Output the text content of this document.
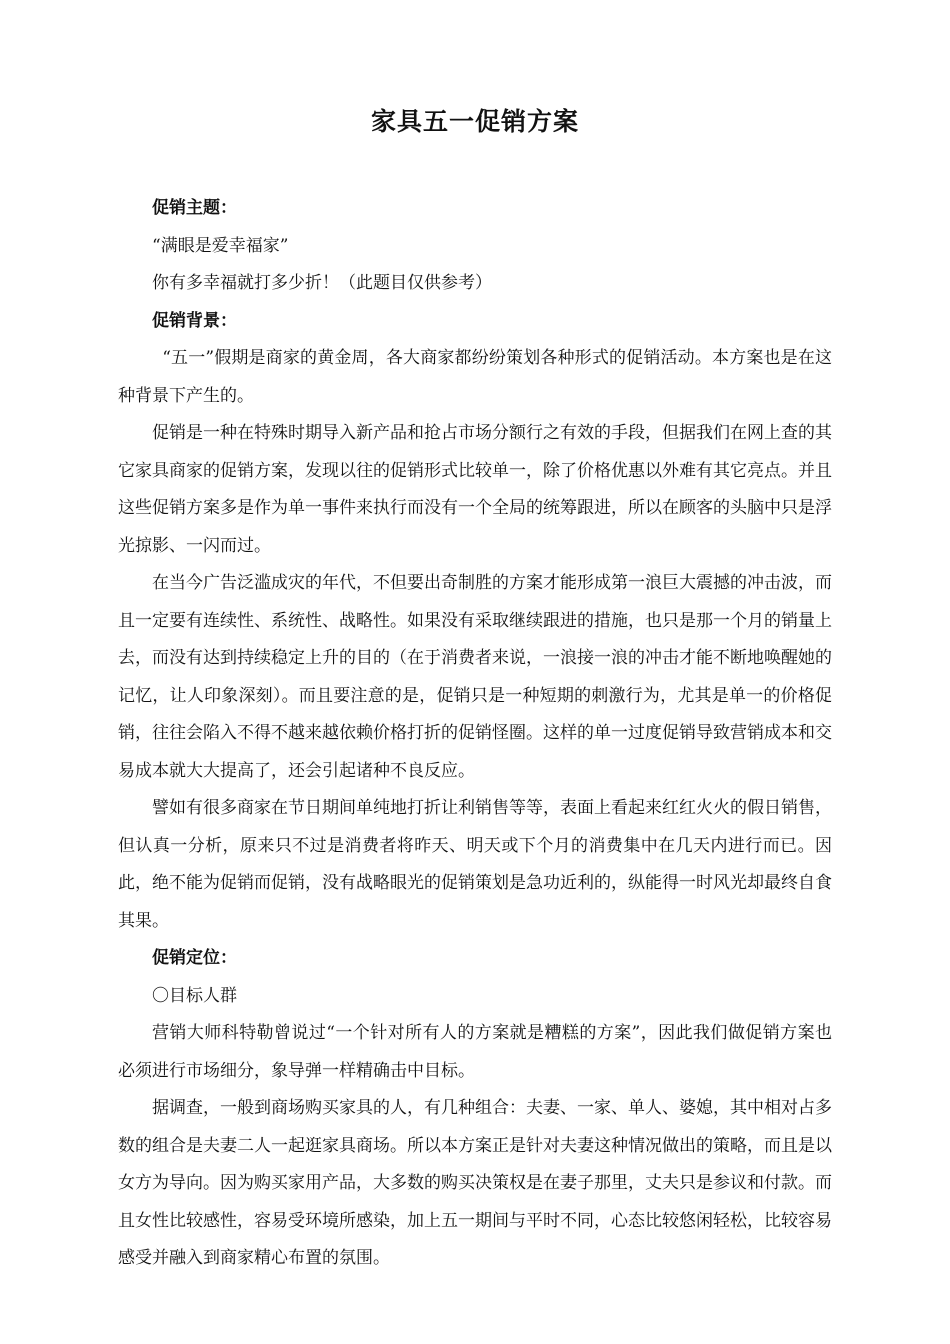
家具五一促销方案

促销主题：

“满眼是爱幸福家”

你有多幸福就打多少折！（此题目仅供参考）

促销背景：

“五一”假期是商家的黄金周，各大商家都纷纷策划各种形式的促销活动。本方案也是在这种背景下产生的。

促销是一种在特殊时期导入新产品和抢占市场分额行之有效的手段，但据我们在网上查的其它家具商家的促销方案，发现以往的促销形式比较单一，除了价格优惠以外难有其它亮点。并且这些促销方案多是作为单一事件来执行而没有一个全局的统筹跟进，所以在顾客的头脑中只是浮光掠影、一闪而过。

在当今广告泛滥成灾的年代，不但要出奇制胜的方案才能形成第一浪巨大震撼的冲击波，而且一定要有连续性、系统性、战略性。如果没有采取继续跟进的措施，也只是那一个月的销量上去，而没有达到持续稳定上升的目的（在于消费者来说，一浪接一浪的冲击才能不断地唤醒她的记忆，让人印象深刻）。而且要注意的是，促销只是一种短期的刺激行为，尤其是单一的价格促销，往往会陷入不得不越来越依赖价格打折的促销怪圈。这样的单一过度促销导致营销成本和交易成本就大大提高了，还会引起诸种不良反应。

譬如有很多商家在节日期间单纯地打折让利销售等等，表面上看起来红红火火的假日销售，但认真一分析，原来只不过是消费者将昨天、明天或下个月的消费集中在几天内进行而已。因此，绝不能为促销而促销，没有战略眼光的促销策划是急功近利的，纵能得一时风光却最终自食其果。

促销定位：

〇目标人群

营销大师科特勒曾说过“一个针对所有人的方案就是糟糕的方案”，因此我们做促销方案也必须进行市场细分，象导弹一样精确击中目标。

据调查，一般到商场购买家具的人，有几种组合：夫妻、一家、单人、婆媳，其中相对占多数的组合是夫妻二人一起逛家具商场。所以本方案正是针对夫妻这种情况做出的策略，而且是以女方为导向。因为购买家用产品，大多数的购买决策权是在妻子那里，丈夫只是参议和付款。而且女性比较感性，容易受环境所感染，加上五一期间与平时不同，心态比较悠闲轻松，比较容易感受并融入到商家精心布置的氛围。
